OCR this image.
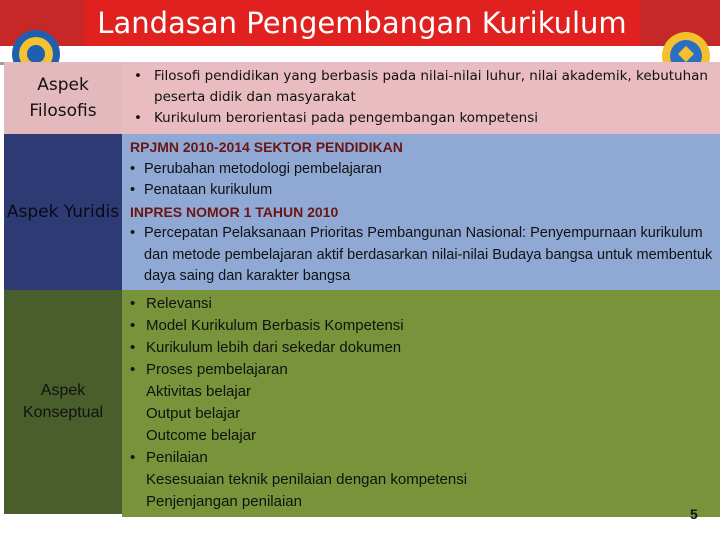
Landasan Pengembangan Kurikulum
Aspek Filosofis
• Filosofi pendidikan yang berbasis pada nilai-nilai luhur, nilai akademik, kebutuhan peserta didik dan masyarakat
• Kurikulum berorientasi pada pengembangan kompetensi
Aspek Yuridis
RPJMN 2010-2014 SEKTOR PENDIDIKAN
• Perubahan metodologi pembelajaran
• Penataan kurikulum
INPRES NOMOR 1 TAHUN 2010
• Percepatan Pelaksanaan Prioritas Pembangunan Nasional: Penyempurnaan kurikulum dan metode pembelajaran aktif berdasarkan nilai-nilai Budaya bangsa untuk membentuk daya saing dan karakter bangsa
Aspek Konseptual
• Relevansi
• Model Kurikulum Berbasis Kompetensi
• Kurikulum lebih dari sekedar dokumen
• Proses pembelajaran
Aktivitas belajar
Output belajar
Outcome belajar
• Penilaian
Kesesuaian teknik penilaian dengan kompetensi
Penjenjangan penilaian
5
